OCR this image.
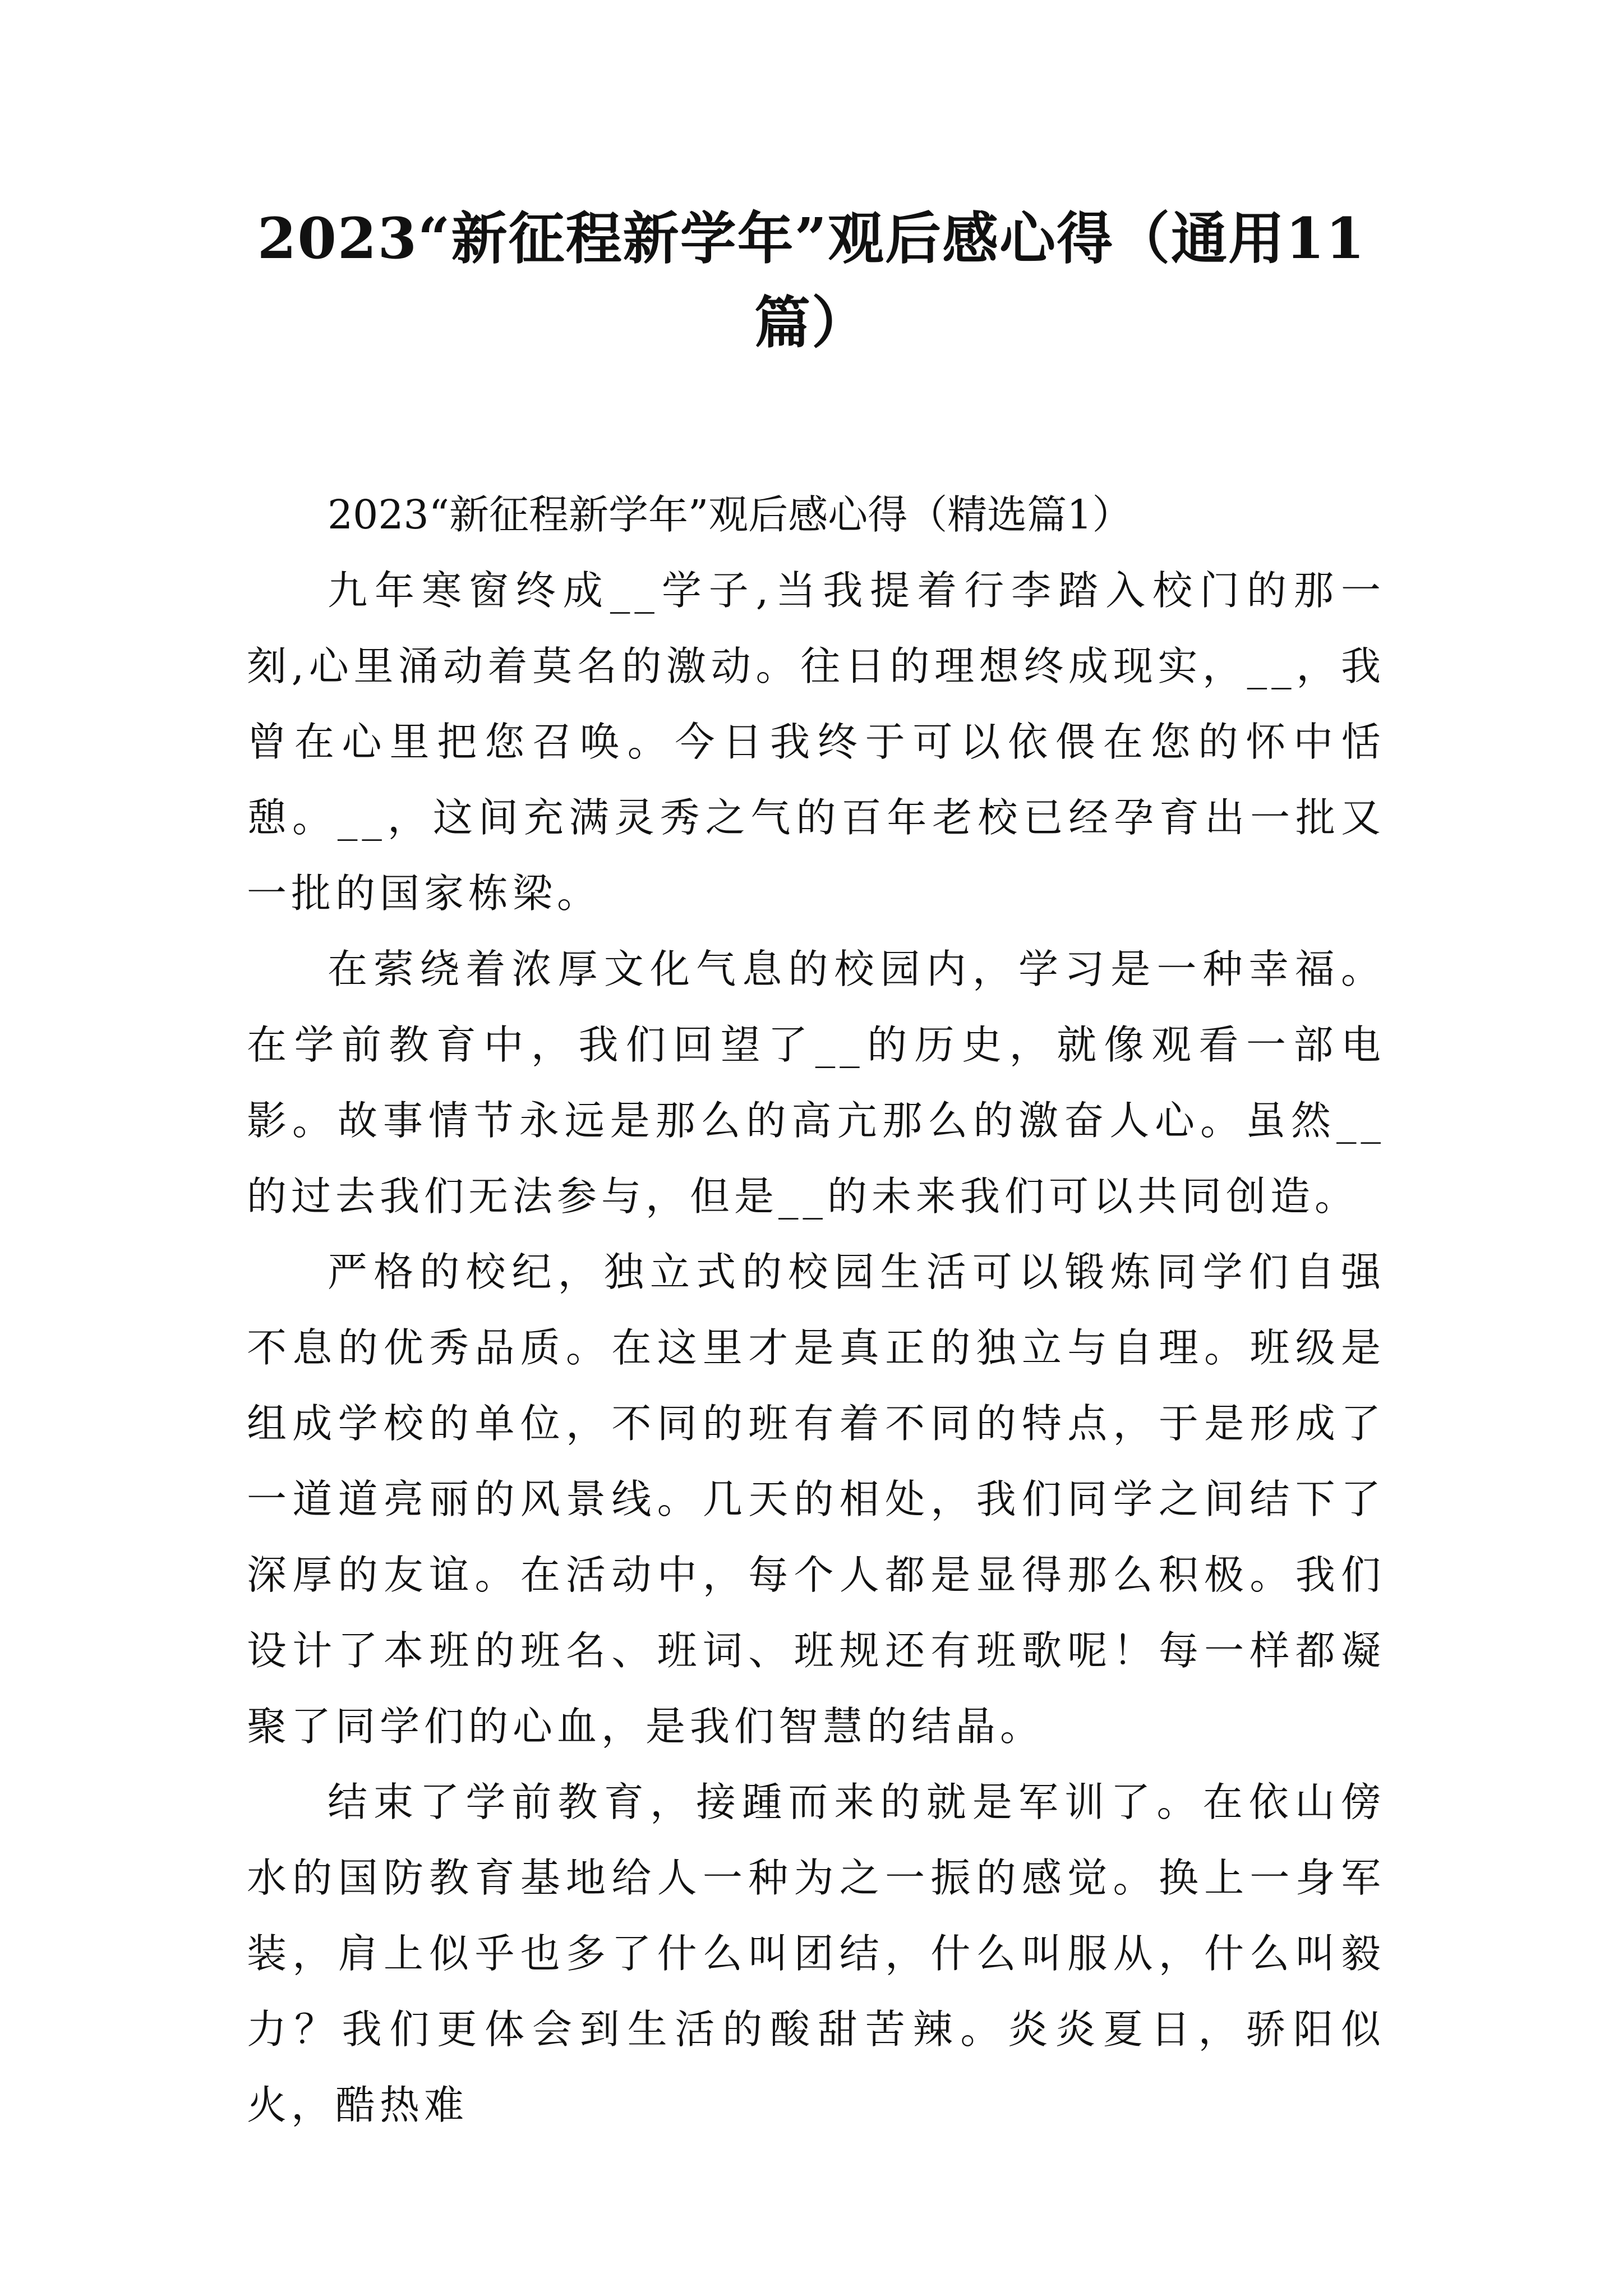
2023“新征程新学年”观后感心得（通用11篇）

2023“新征程新学年”观后感心得（精选篇1）

九年寒窗终成__学子,当我提着行李踏入校门的那一刻,心里涌动着莫名的激动。往日的理想终成现实，__，我曾在心里把您召唤。今日我终于可以依偎在您的怀中恬憩。__，这间充满灵秀之气的百年老校已经孕育出一批又一批的国家栋梁。

在萦绕着浓厚文化气息的校园内，学习是一种幸福。在学前教育中，我们回望了__的历史，就像观看一部电影。故事情节永远是那么的高亢那么的激奋人心。虽然__的过去我们无法参与，但是__的未来我们可以共同创造。

严格的校纪，独立式的校园生活可以锻炼同学们自强不息的优秀品质。在这里才是真正的独立与自理。班级是组成学校的单位，不同的班有着不同的特点，于是形成了一道道亮丽的风景线。几天的相处，我们同学之间结下了深厚的友谊。在活动中，每个人都是显得那么积极。我们设计了本班的班名、班词、班规还有班歌呢！每一样都凝聚了同学们的心血，是我们智慧的结晶。

结束了学前教育，接踵而来的就是军训了。在依山傍水的国防教育基地给人一种为之一振的感觉。换上一身军装，肩上似乎也多了什么叫团结，什么叫服从，什么叫毅力？我们更体会到生活的酸甜苦辣。炎炎夏日，骄阳似火，酷热难
